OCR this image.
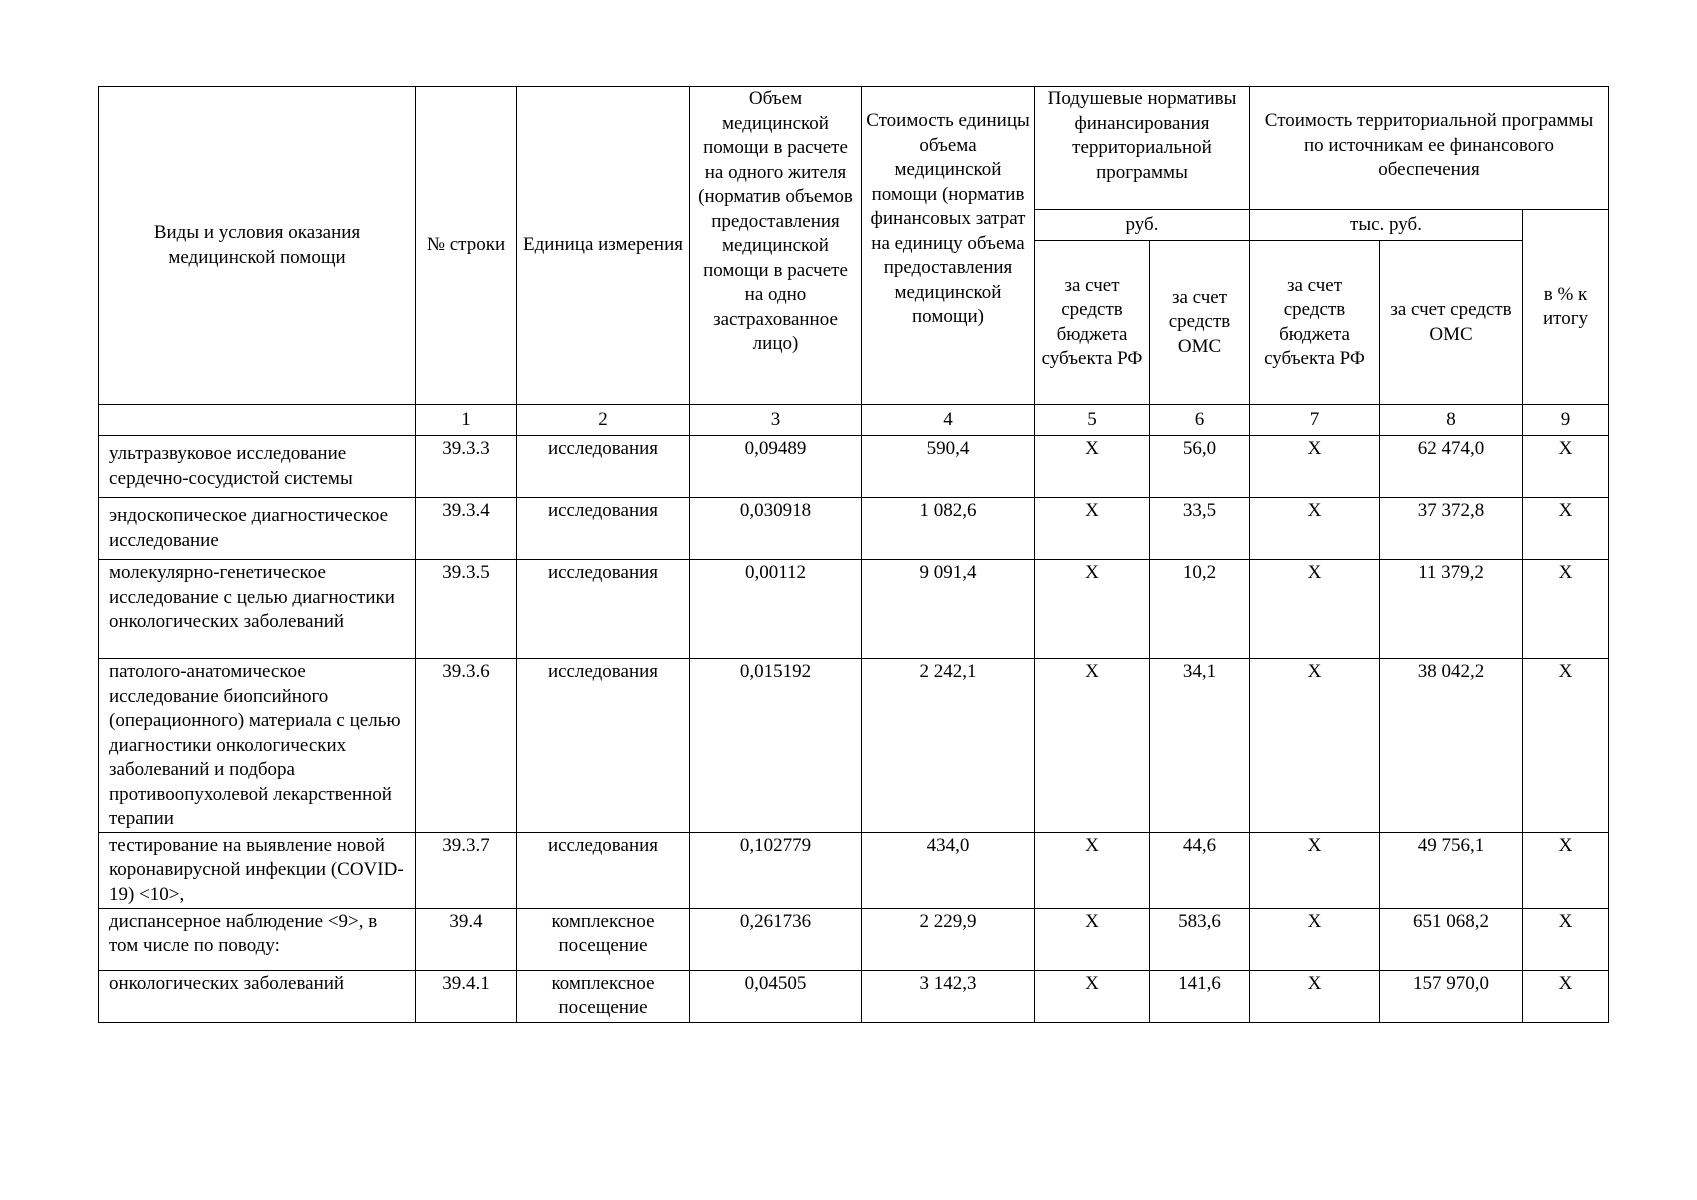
Виды и условия оказания медицинской помощи	№ строки	Единица измерения	Объем медицинской помощи в расчете на одного жителя (норматив объемов предоставления медицинской помощи в расчете на одно застрахованное лицо)	Стоимость единицы объема медицинской помощи (норматив финансовых затрат на единицу объема предоставления медицинской помощи)	Подушевые нормативы финансирования территориальной программы		Стоимость территориальной программы по источникам ее финансового обеспечения		
					руб.		тыс. руб.		в % к итогу
					за счет средств бюджета субъекта РФ	за счет средств ОМС	за счет средств бюджета субъекта РФ	за счет средств ОМС	
	1	2	3	4	5	6	7	8	9
ультразвуковое исследование сердечно-сосудистой системы	39.3.3	исследования	0,09489	590,4	Х	56,0	Х	62 474,0	Х
эндоскопическое диагностическое исследование	39.3.4	исследования	0,030918	1 082,6	Х	33,5	Х	37 372,8	Х
молекулярно-генетическое исследование с целью диагностики онкологических заболеваний	39.3.5	исследования	0,00112	9 091,4	Х	10,2	Х	11 379,2	Х
патолого-анатомическое исследование биопсийного (операционного) материала с целью диагностики онкологических заболеваний и подбора противоопухолевой лекарственной терапии	39.3.6	исследования	0,015192	2 242,1	Х	34,1	Х	38 042,2	Х
тестирование на выявление новой коронавирусной инфекции (COVID-19) <10>,	39.3.7	исследования	0,102779	434,0	Х	44,6	Х	49 756,1	Х
диспансерное наблюдение <9>, в том числе по поводу:	39.4	комплексное посещение	0,261736	2 229,9	Х	583,6	Х	651 068,2	Х
онкологических заболеваний	39.4.1	комплексное посещение	0,04505	3 142,3	Х	141,6	Х	157 970,0	Х
